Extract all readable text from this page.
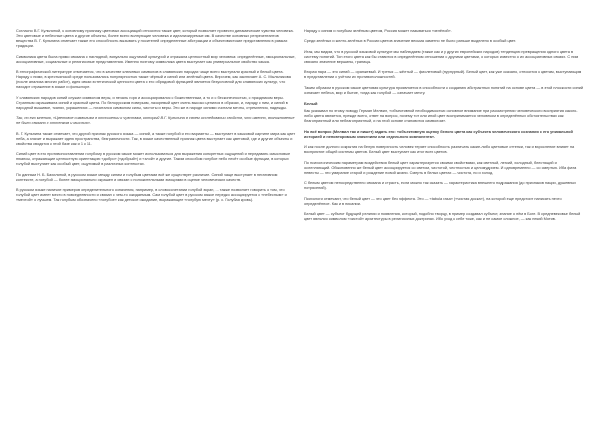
Согласно В.Г. Кульпиной, к основному признаку цветовых ассоциаций относится также цвет, который позволяет провести динамические чувства человека. Эти цветовые и небесные цвета и другие объекты, более всего волнующие человека и идеализируемые им. В качестве основных репрезентантов вещества В. Г. Кульпина отмечает также его способность вызывать у носителей определенные абстракции и объективистские представления в рамках традиции.

Символика цвета была прямо связана с наглядной, визуально ощутимой культурой и отражала ценностный мир человека: определённые, эмоциональные, ассоциативные, социальные и религиозные представления. Именно поэтому символика цвета выступает как универсальное свойство языка.

В этнографической литературе отмечается, что в качестве ключевых символов в славянских народах чаще всего выступали красный и белый цвета. Наряду с ними, в крестьянской среде пользовались популярностью также чёрный и синий или зелёный цвета. Впрочем, как заключает А. С. Мыльникова (после анализа многих работ), идея связи эстетической ценности цвета с его обрядовой функцией является безусловной для славянских культур, что находит отражение в языке и фольклоре.

У славянских народов синий служил символом веры, и печаль горя и ассоциировался с божественным, а то и с бесконечностью, с праздником веры. Странным окрашивала синий и красный цвета. По белорусским поверьям, лазоревый цвет очень высоко ценился в образах, и, наряду с ним, и синий в народной вышивке, тканях, украшениях — почитался символом силы, чистоты и веры. Это же в народе синими считали мечты, стремления, надежды.

Так, по его мнению, «Цветовое символизм в отношении к чувствам, который В.Г. Кульпина в своем исследовании свойств, что именно, возникновение не было связано с оттенком и мыслью».

В. Г. Кульпина также отмечает, что другой признак русского языка — синий, а также голубой и его варианты — выступает в языковой картине мира как цвет неба, а значит и выражает идею пространства, безграничности. Так, в языке качественный признак цвета выступает как цветовой, где и другие объекты и свойства сводятся к этой базе как и 1 к 11.

Синий цвет в его противопоставлении голубому в русском языке может использоваться для выражения конкретных ощущений и передавать смысловые нюансы, отражающие ценностную ориентацию «добро» («добрый») и «злой» и другие. Таким способом голубое небо несёт особые функции, в которых голубой выступает как особый цвет, ощутимый в различных контекстах.

По данным Н. Б. Бахилиной, в русском языке между синим и голубым цветами всё же существует различие. Синий чаще выступает в негативном контексте, а голубой — более эмоционально окрашен и связан с положительными эмоциями в оценке человеческих качеств.

В русском языке наличие примеров определительного означения, например, в словосочетании голубой экран, ... также позволяет говорить о том, что голубой цвет имеет место в повседневности и связан с чем-то ожидаемым. Сам голубой цвет в русском языке нередко ассоциируется с «небесным» и «мечтой» о лучшем. Так голубым обозначено «голубое» как детское ожидание, выражающее «голубую мечту» (р. с. Голубая кровь).

Наряду с синим и голубым зелёным цветом, Россия может называться «зелёной».

Среди зелёных и желто-зелёных в России цветов значение весьма заметно не было раньше выделено в особый цвет.

Итак, мы видим, что в русской языковой культуре мы наблюдаем (также как и у других европейских народов) тенденцию превращения одного цвета в систему понятий. Тон этого цвета как бы ставится в определённом отношении с другими цветами, о которых известно о их ассоциативных связях. С ним связано значение вершины, границы.

Вторая пара — это синий — оранжевый. И третья — жёлтый — фиолетовый (пурпурный). Белый цвет, как уже сказано, относится к цветам, выступающим в представлении с учётом их противоположностей.

Таким образом в русском языке цветовая культура проявляется в способности к созданию абстрактных понятий на основе цвета — в этой плоскости синий означает небеса, мир и бытие, тогда как голубой — означает мечту.

Белый

Как указывал по этому поводу Герман Мелвил, «объективной необходимостью основное внимание при рассмотрении человеческого восприятия какого-либо цвета является, прежде всего, ответ на вопрос, почему тот или иной цвет воспринимается человеком в определённых обстоятельствах как благоприятный или неблагоприятный, и на этой основе становится символом».

Но всё вопрос (Мелвил так и пишет) задать его: «объективную оценку белого цвета как субъекта человеческого сознания с его уникальной историей и неповторимым значением или отдельного компонента».

И как после долгого сокрытия на белую поверхность человек теряет способность различать какие-либо цветовые оттенки, так и взросление влияет на восприятие общей системы цветов. Белый цвет выступает как итог всех цветов.

По психологическим параметрам воздействия белый цвет характеризуется своими свойствами, как светлый, легкий, холодный, блестящий и ослепляющий. Обыкновенно же белый цвет ассоциируется со светом, чистотой, честностью и целомудрием. И одновременно — со смертью. Иба фата невесты — это умирание старой и рождение новой жизни. Смерть в белых цветах — чистота, но и холод.

С белым цветом непосредственно связана и страсть, если можно так сказать — характеристика внешнего подражания (до признаков нации, душевных потрясений).

Психологи отмечают, что белый цвет — это цвет без эффекта. Это — «tabula rasa» («чистая доска»), на которой еще предстоит написать нечто определённое. Как и в писании.

Белый цвет — субъект будущей религии и появления, который, подобно творцу, в пример создавал субъект, знание о нём в Боге. В средневековье белый цвет являлся символом «чистой» архитектуры в религиозных доктринах. Ибо уход к себе тоже, как и не самое сложное, — как некий Мотив.
